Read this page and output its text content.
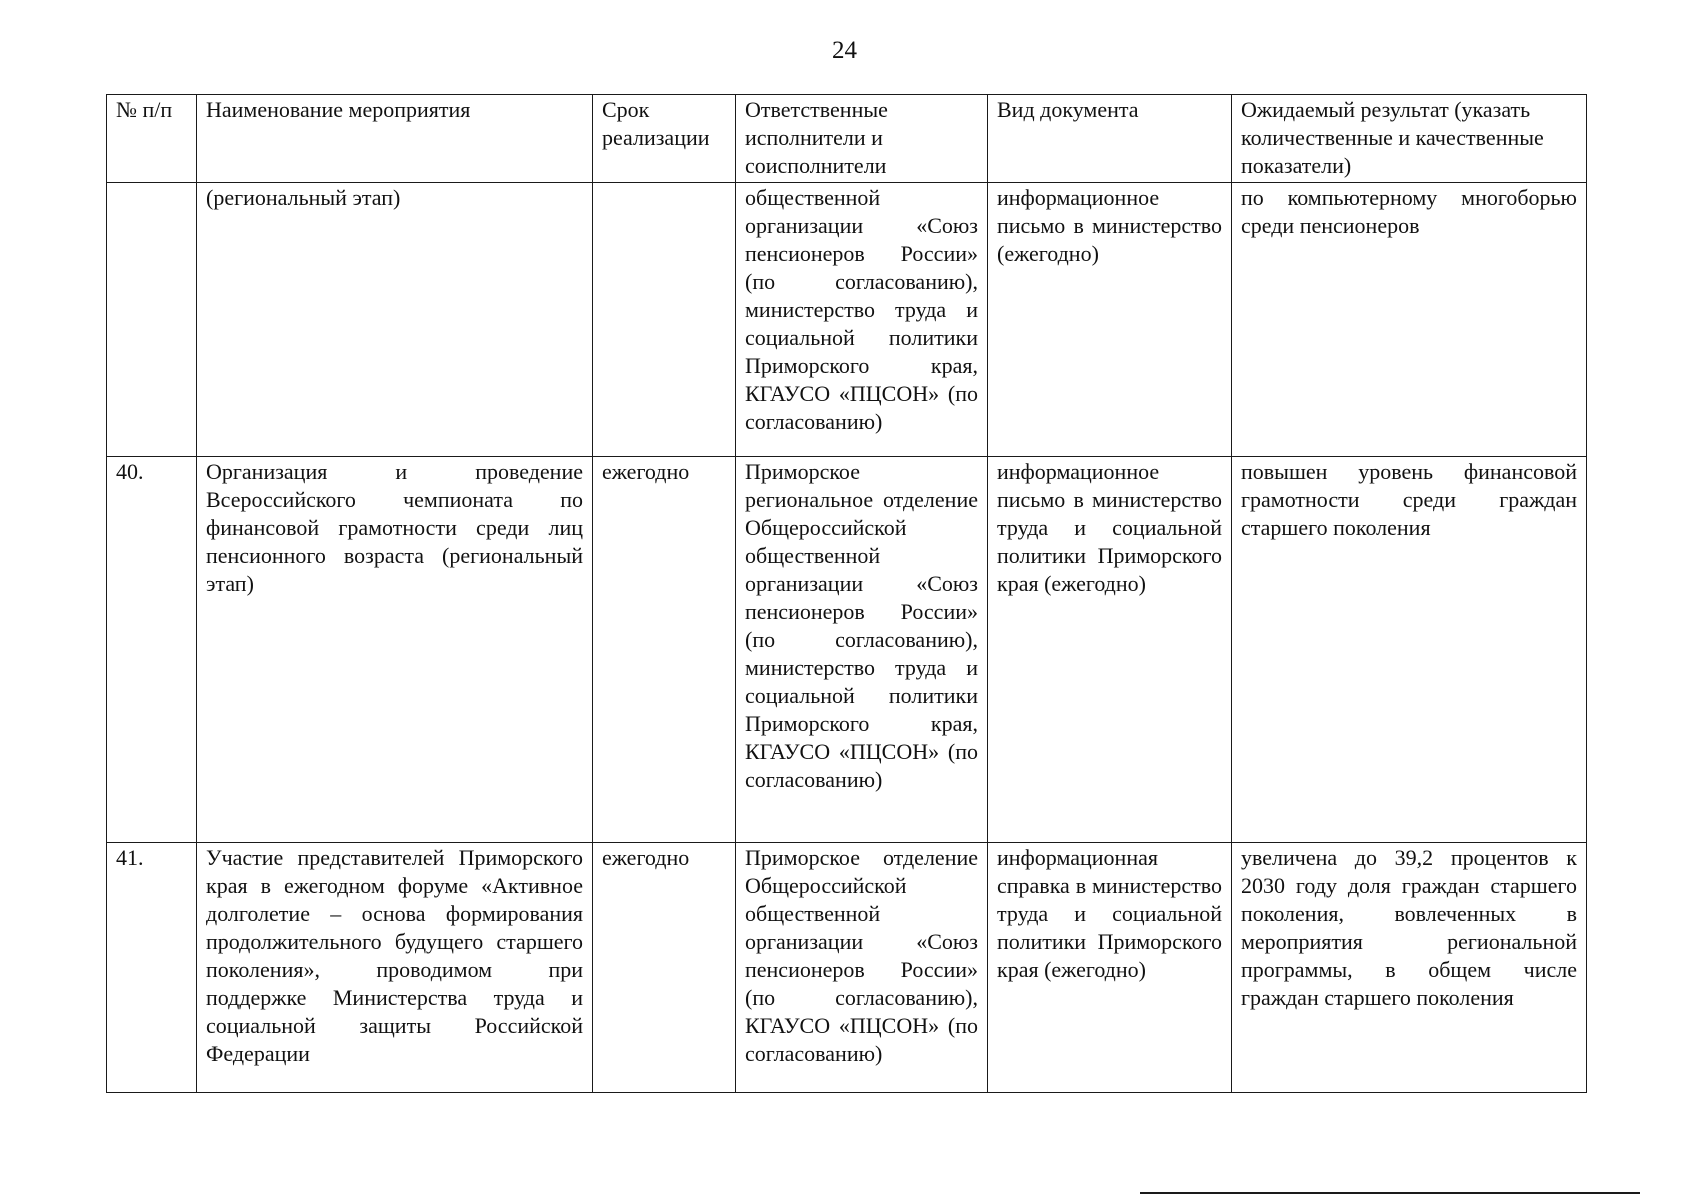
24
№ п/п	Наименование мероприятия	Срок реализации	Ответственные исполнители и соисполнители	Вид документа	Ожидаемый результат (указать количественные и качественные показатели)
	(региональный этап)		общественной организации «Союз пенсионеров России» (по согласованию), министерство труда и социальной политики Приморского края, КГАУСО «ПЦСОН» (по согласованию)	информационное письмо в министерство (ежегодно)	по компьютерному многоборью среди пенсионеров
40.	Организация и проведение Всероссийского чемпионата по финансовой грамотности среди лиц пенсионного возраста (региональный этап)	ежегодно	Приморское региональное отделение Общероссийской общественной организации «Союз пенсионеров России» (по согласованию), министерство труда и социальной политики Приморского края, КГАУСО «ПЦСОН» (по согласованию)	информационное письмо в министерство труда и социальной политики Приморского края (ежегодно)	повышен уровень финансовой грамотности среди граждан старшего поколения
41.	Участие представителей Приморского края в ежегодном форуме «Активное долголетие – основа формирования продолжительного будущего старшего поколения», проводимом при поддержке Министерства труда и социальной защиты Российской Федерации	ежегодно	Приморское отделение Общероссийской общественной организации «Союз пенсионеров России» (по согласованию), КГАУСО «ПЦСОН» (по согласованию)	информационная справка в министерство труда и социальной политики Приморского края (ежегодно)	увеличена до 39,2 процентов к 2030 году доля граждан старшего поколения, вовлеченных в мероприятия региональной программы, в общем числе граждан старшего поколения
